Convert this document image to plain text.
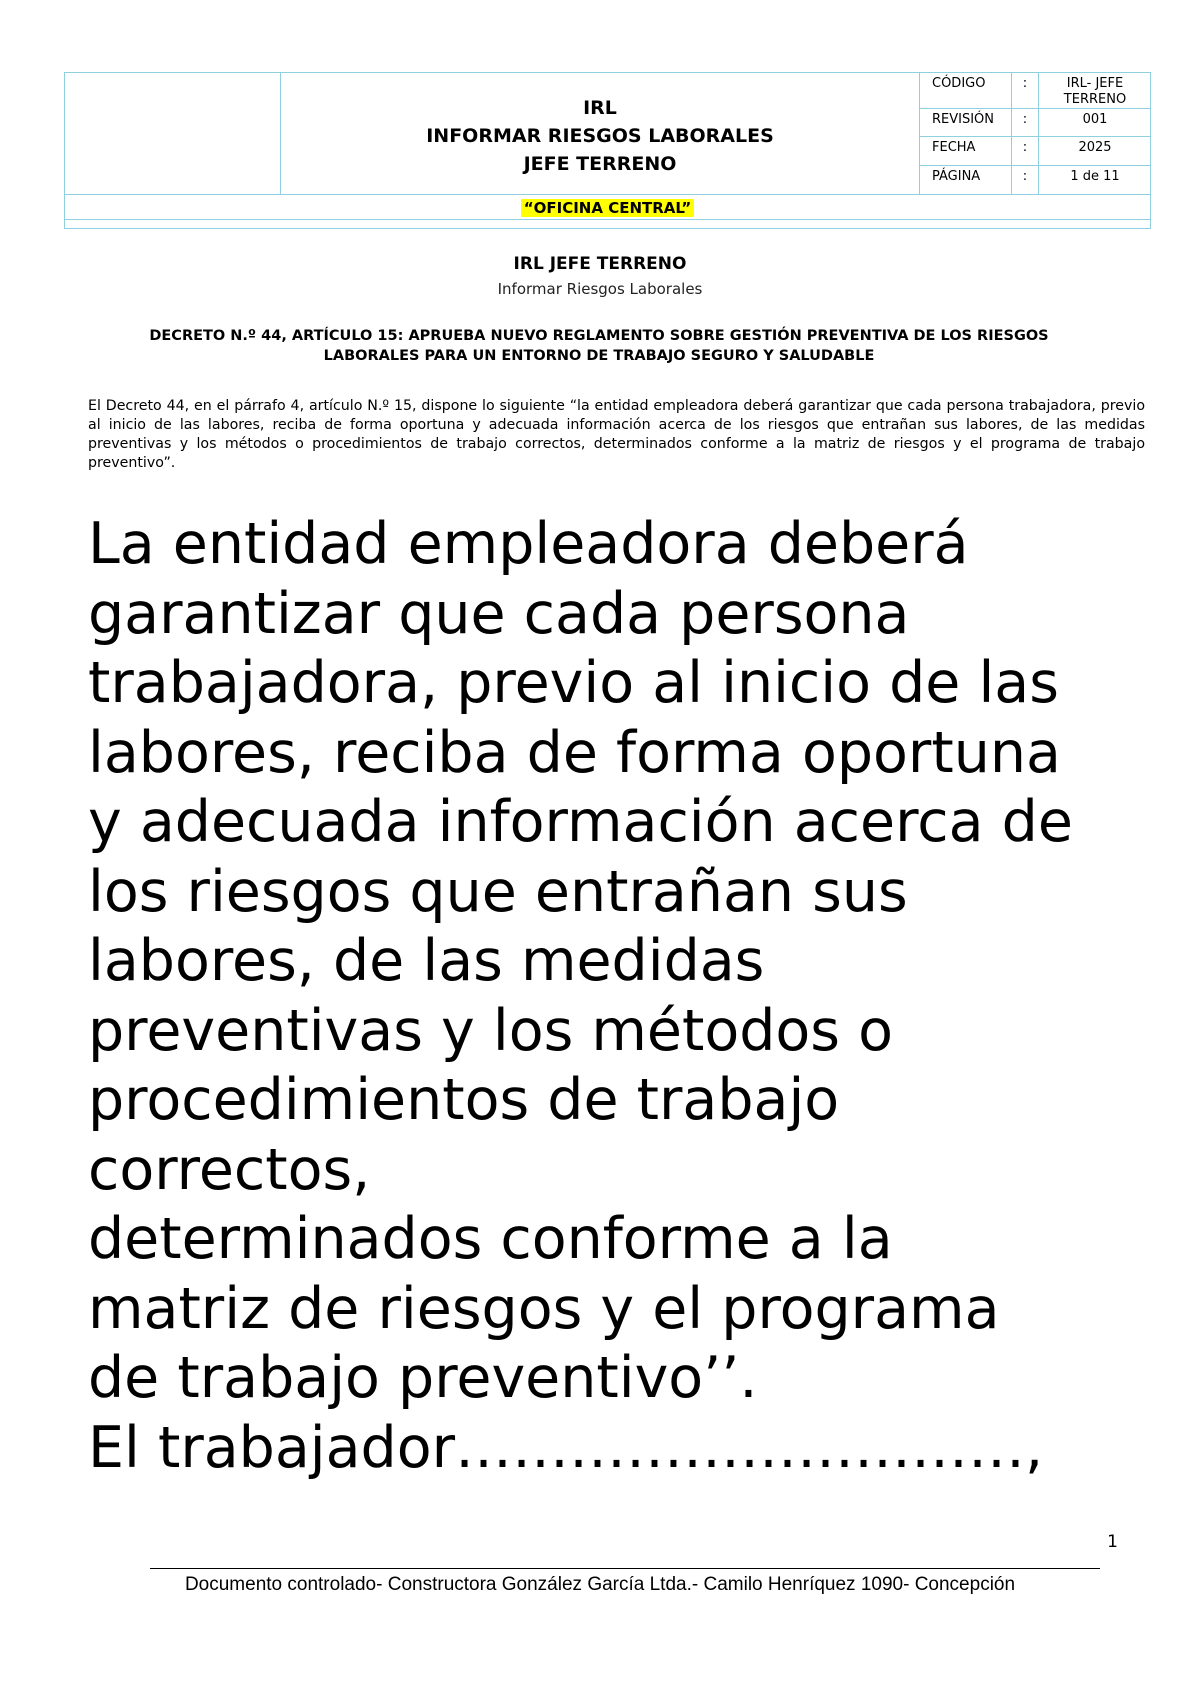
IRL
INFORMAR RIESGOS LABORALES
JEFE TERRENO
CÓDIGO	:	IRL- JEFE TERRENO
REVISIÓN	:	001
FECHA	:	2025
PÁGINA	:	1 de 11
“OFICINA CENTRAL”
IRL JEFE TERRENO
Informar Riesgos Laborales
DECRETO N.º 44, ARTÍCULO 15: APRUEBA NUEVO REGLAMENTO SOBRE GESTIÓN PREVENTIVA DE LOS RIESGOS LABORALES PARA UN ENTORNO DE TRABAJO SEGURO Y SALUDABLE
El Decreto 44, en el párrafo 4, artículo N.º 15, dispone lo siguiente “la entidad empleadora deberá garantizar que cada persona trabajadora, previo al inicio de las labores, reciba de forma oportuna y adecuada información acerca de los riesgos que entrañan sus labores, de las medidas preventivas y los métodos o procedimientos de trabajo correctos, determinados conforme a la matriz de riesgos y el programa de trabajo preventivo”.
La entidad empleadora deberá
garantizar que cada persona
trabajadora, previo al inicio de las
labores, reciba de forma oportuna
y adecuada información acerca de
los riesgos que entrañan sus
labores, de las medidas
preventivas y los métodos o
procedimientos de trabajo
correctos,
determinados conforme a la
matriz de riesgos y el programa
de trabajo preventivo’’.
El trabajador…………………………,
1
Documento controlado- Constructora González García Ltda.- Camilo Henríquez 1090- Concepción
